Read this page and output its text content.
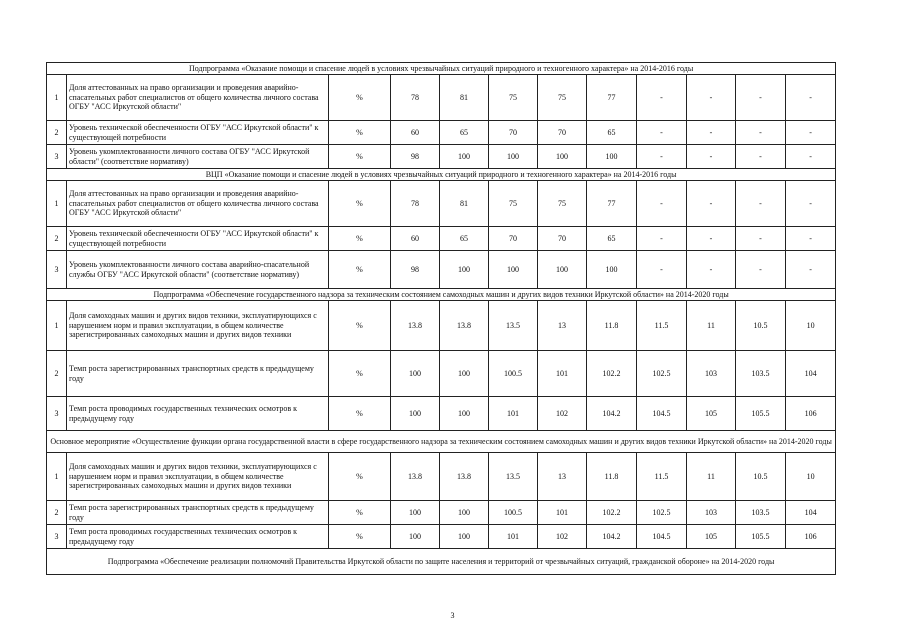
Подпрограмма «Оказание помощи и спасение людей в условиях чрезвычайных ситуаций природного и техногенного характера» на 2014-2016 годы											
1	Доля аттестованных на право организации и проведения аварийно-спасательных работ специалистов от общего количества личного состава ОГБУ "АСС Иркутской области"	%	78	81	75	75	77	-	-	-	-
2	Уровень технической обеспеченности ОГБУ "АСС Иркутской области" к существующей потребности	%	60	65	70	70	65	-	-	-	-
3	Уровень укомплектованности личного состава ОГБУ "АСС Иркутской области" (соответствие нормативу)	%	98	100	100	100	100	-	-	-	-
ВЦП «Оказание помощи и спасение людей в условиях чрезвычайных ситуаций природного и техногенного характера» на 2014-2016 годы											
1	Доля аттестованных на право организации и проведения аварийно-спасательных работ специалистов от общего количества личного состава ОГБУ "АСС Иркутской области"	%	78	81	75	75	77	-	-	-	-
2	Уровень технической обеспеченности ОГБУ "АСС Иркутской области" к существующей потребности	%	60	65	70	70	65	-	-	-	-
3	Уровень укомплектованности личного состава аварийно-спасательной службы ОГБУ "АСС Иркутской области" (соответствие нормативу)	%	98	100	100	100	100	-	-	-	-
Подпрограмма «Обеспечение государственного надзора за техническим состоянием самоходных машин и других видов техники Иркутской области» на 2014-2020 годы											
1	Доля самоходных машин и других видов техники, эксплуатирующихся с нарушением норм и правил эксплуатации, в общем количестве зарегистрированных самоходных машин и других видов техники	%	13.8	13.8	13.5	13	11.8	11.5	11	10.5	10
2	Темп роста зарегистрированных транспортных средств к предыдущему году	%	100	100	100.5	101	102.2	102.5	103	103.5	104
3	Темп роста проводимых государственных технических осмотров к предыдущему году	%	100	100	101	102	104.2	104.5	105	105.5	106
Основное мероприятие «Осуществление функции органа государственной власти в сфере государственного надзора за техническим состоянием самоходных машин и других видов техники Иркутской области» на 2014-2020 годы											
1	Доля самоходных машин и других видов техники, эксплуатирующихся с нарушением норм и правил эксплуатации, в общем количестве зарегистрированных самоходных машин и других видов техники	%	13.8	13.8	13.5	13	11.8	11.5	11	10.5	10
2	Темп роста зарегистрированных транспортных средств к предыдущему году	%	100	100	100.5	101	102.2	102.5	103	103.5	104
3	Темп роста проводимых государственных технических осмотров к предыдущему году	%	100	100	101	102	104.2	104.5	105	105.5	106
Подпрограмма «Обеспечение реализации полномочий Правительства Иркутской области по защите населения и территорий от чрезвычайных ситуаций, гражданской обороне» на 2014-2020 годы											
3
